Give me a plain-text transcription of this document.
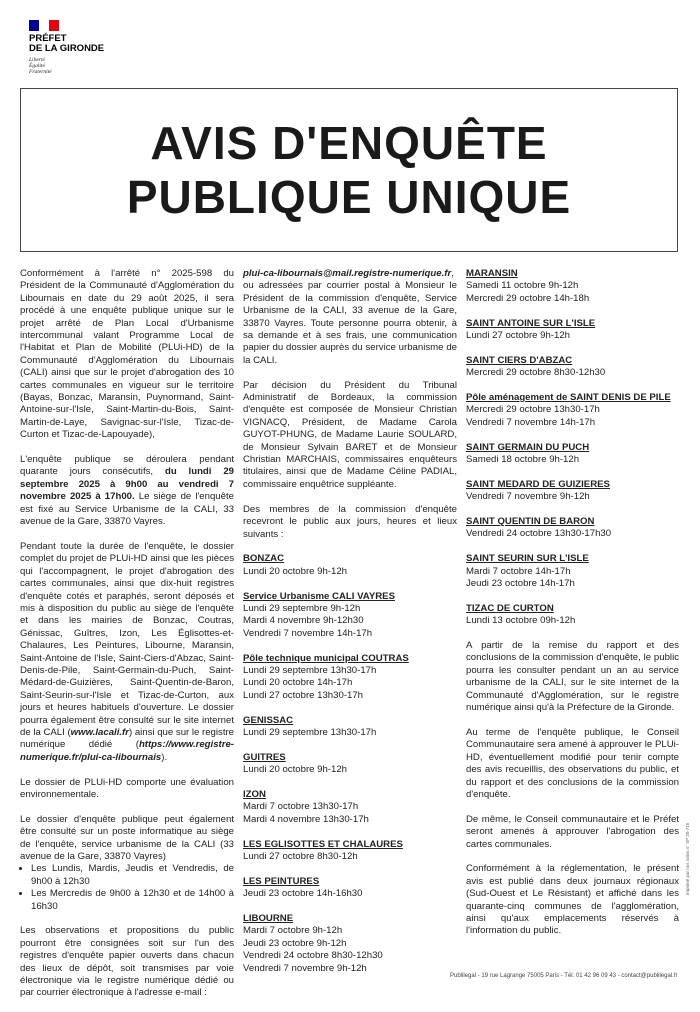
PRÉFET
DE LA GIRONDE
Liberté
Égalité
Fraternité
AVIS D'ENQUÊTE
PUBLIQUE UNIQUE

Conformément à l'arrêté n° 2025-598 du Président de la Communauté d'Agglomération du Libournais en date du 29 août 2025, il sera procédé à une enquête publique unique sur le projet arrêté de Plan Local d'Urbanisme intercommunal valant Programme Local de l'Habitat et Plan de Mobilité (PLUi-HD) de la Communauté d'Agglomération du Libournais (CALI) ainsi que sur le projet d'abrogation des 10 cartes communales en vigueur sur le territoire (Bayas, Bonzac, Maransin, Puynormand, Saint-Antoine-sur-l'Isle, Saint-Martin-du-Bois, Saint-Martin-de-Laye, Savignac-sur-l'Isle, Tizac-de-Curton et Tizac-de-Lapouyade),

L'enquête publique se déroulera pendant quarante jours consécutifs, du lundi 29 septembre 2025 à 9h00 au vendredi 7 novembre 2025 à 17h00. Le siège de l'enquête est fixé au Service Urbanisme de la CALI, 33 avenue de la Gare, 33870 Vayres.

Pendant toute la durée de l'enquête, le dossier complet du projet de PLUi-HD ainsi que les pièces qui l'accompagnent, le projet d'abrogation des cartes communales, ainsi que dix-huit registres d'enquête cotés et paraphés, seront déposés et mis à disposition du public au siège de l'enquête et dans les mairies de Bonzac, Coutras, Génissac, Guîtres, Izon, Les Églisottes-et-Chalaures, Les Peintures, Libourne, Maransin, Saint-Antoine de l'Isle, Saint-Ciers-d'Abzac, Saint-Denis-de-Pile, Saint-Germain-du-Puch, Saint-Médard-de-Guizières, Saint-Quentin-de-Baron, Saint-Seurin-sur-l'Isle et Tizac-de-Curton, aux jours et heures habituels d'ouverture. Le dossier pourra également être consulté sur le site internet de la CALI (www.lacali.fr) ainsi que sur le registre numérique dédié (https://www.registre-numerique.fr/plui-ca-libournais).

Le dossier de PLUi-HD comporte une évaluation environnementale.

Le dossier d'enquête publique peut également être consulté sur un poste informatique au siège de l'enquête, service urbanisme de la CALI (33 avenue de la Gare, 33870 Vayres)

• Les Lundis, Mardis, Jeudis et Vendredis, de 9h00 à 12h30
• Les Mercredis de 9h00 à 12h30 et de 14h00 à 16h30

Les observations et propositions du public pourront être consignées soit sur l'un des registres d'enquête papier ouverts dans chacun des lieux de dépôt, soit transmises par voie électronique via le registre numérique dédié ou par courrier électronique à l'adresse e-mail :

plui-ca-libournais@mail.registre-numerique.fr, ou adressées par courrier postal à Monsieur le Président de la commission d'enquête, Service Urbanisme de la CALI, 33 avenue de la Gare, 33870 Vayres. Toute personne pourra obtenir, à sa demande et à ses frais, une communication papier du dossier auprès du service urbanisme de la CALI.

Par décision du Président du Tribunal Administratif de Bordeaux, la commission d'enquête est composée de Monsieur Christian VIGNACQ, Président, de Madame Carola GUYOT-PHUNG, de Madame Laurie SOULARD, de Monsieur Sylvain BARET et de Monsieur Christian MARCHAIS, commissaires enquêteurs titulaires, ainsi que de Madame Céline PADIAL, commissaire enquêtrice suppléante.

Des membres de la commission d'enquête recevront le public aux jours, heures et lieux suivants :

BONZAC
Lundi 20 octobre 9h-12h
Service Urbanisme CALI VAYRES
Lundi 29 septembre 9h-12h
Mardi 4 novembre 9h-12h30
Vendredi 7 novembre 14h-17h
Pôle technique municipal COUTRAS
Lundi 29 septembre 13h30-17h
Lundi 20 octobre 14h-17h
Lundi 27 octobre 13h30-17h
GENISSAC
Lundi 29 septembre 13h30-17h
GUITRES
Lundi 20 octobre 9h-12h
IZON
Mardi 7 octobre 13h30-17h
Mardi 4 novembre 13h30-17h
LES EGLISOTTES ET CHALAURES
Lundi 27 octobre 8h30-12h
LES PEINTURES
Jeudi 23 octobre 14h-16h30
LIBOURNE
Mardi 7 octobre 9h-12h
Jeudi 23 octobre 9h-12h
Vendredi 24 octobre 8h30-12h30
Vendredi 7 novembre 9h-12h
MARANSIN
Samedi 11 octobre 9h-12h
Mercredi 29 octobre 14h-18h
SAINT ANTOINE SUR L'ISLE
Lundi 27 octobre 9h-12h
SAINT CIERS D'ABZAC
Mercredi 29 octobre 8h30-12h30
Pôle aménagement de SAINT DENIS DE PILE
Mercredi 29 octobre 13h30-17h
Vendredi 7 novembre 14h-17h
SAINT GERMAIN DU PUCH
Samedi 18 octobre 9h-12h
SAINT MEDARD DE GUIZIERES
Vendredi 7 novembre 9h-12h
SAINT QUENTIN DE BARON
Vendredi 24 octobre 13h30-17h30
SAINT SEURIN SUR L'ISLE
Mardi 7 octobre 14h-17h
Jeudi 23 octobre 14h-17h
TIZAC DE CURTON
Lundi 13 octobre 09h-12h

A partir de la remise du rapport et des conclusions de la commission d'enquête, le public pourra les consulter pendant un an au service urbanisme de la CALI, sur le site internet de la Communauté d'Agglomération, sur le registre numérique ainsi qu'à la Préfecture de la Gironde.

Au terme de l'enquête publique, le Conseil Communautaire sera amené à approuver le PLUi-HD, éventuellement modifié pour tenir compte des avis recueillis, des observations du public, et du rapport et des conclusions de la commission d'enquête.

De même, le Conseil communautaire et le Préfet seront amenés à approuver l'abrogation des cartes communales.

Conformément à la réglementation, le présent avis est publié dans deux journaux régionaux (Sud-Ouest et Le Résistant) et affiché dans les quarante-cinq communes de l'agglomération, ainsi qu'aux emplacements réservés à l'information du public.

Publilegal - 19 rue Lagrange 75005 Paris - Tél. 01 42 96 09 43 - contact@publilegal.fr
Imprimé par nos soins n° SP 20-715
